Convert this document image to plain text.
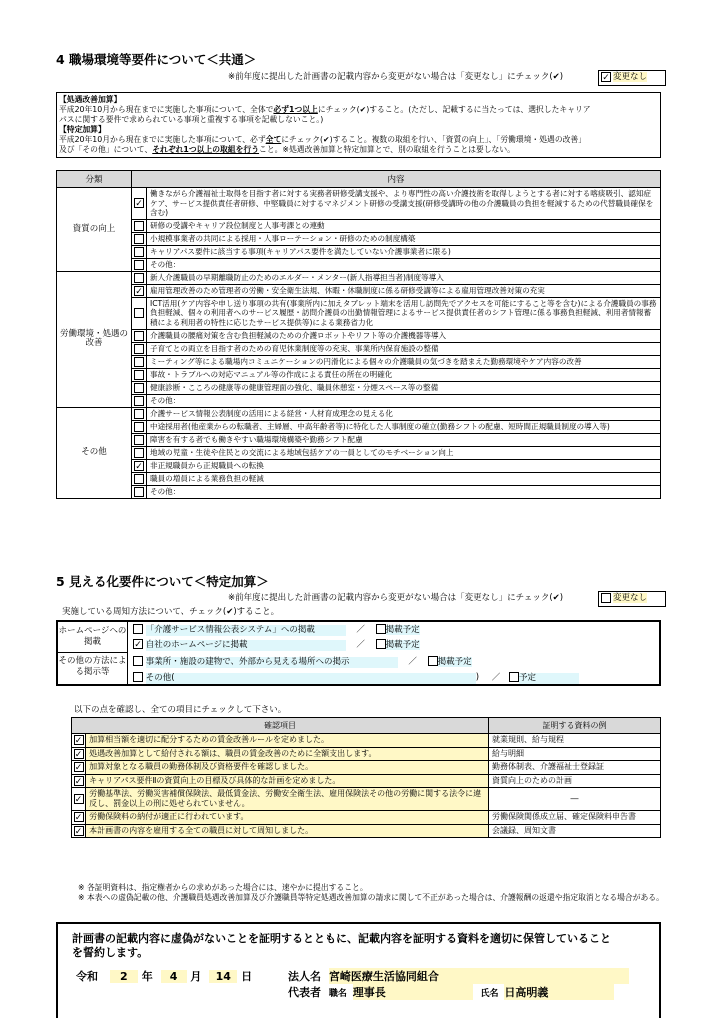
4 職場環境等要件について＜共通＞
※前年度に提出した計画書の記載内容から変更がない場合は「変更なし」にチェック(✔)	✓ 変更なし
【処遇改善加算】
平成20年10月から現在までに実施した事項について、全体で必ず1つ以上にチェック(✔)すること。(ただし、記載するに当たっては、選択したキャリア
パスに関する要件で求められている事項と重複する事項を記載しないこと。)
【特定加算】
平成20年10月から現在までに実施した事項について、必ず全てにチェック(✔)すること。複数の取組を行い、「資質の向上」、「労働環境・処遇の改善」
及び「その他」について、それぞれ1つ以上の取組を行うこと。※処遇改善加算と特定加算とで、別の取組を行うことは要しない。
分類	内容	
資質の向上	✓	働きながら介護福祉士取得を目指す者に対する実務者研修受講支援や、より専門性の高い介護技術を取得しようとする者に対する喀痰吸引、認知症ケア、サービス提供責任者研修、中堅職員に対するマネジメント研修の受講支援(研修受講時の他の介護職員の負担を軽減するための代替職員確保を含む)
		研修の受講やキャリア段位制度と人事考課との連動
		小規模事業者の共同による採用・人事ローテーション・研修のための制度構築
		キャリアパス要件に該当する事項(キャリアパス要件を満たしていない介護事業者に限る)
		その他：
労働環境・処遇の改善		新人介護職員の早期離職防止のためのエルダー・メンター(新人指導担当者)制度等導入
	✓	雇用管理改善のため管理者の労働・安全衛生法規、休暇・休職制度に係る研修受講等による雇用管理改善対策の充実
		ICT活用(ケア内容や申し送り事項の共有(事業所内に加えタブレット端末を活用し訪問先でアクセスを可能にすること等を含む)による介護職員の事務負担軽減、個々の利用者へのサービス履歴・訪問介護員の出勤情報管理によるサービス提供責任者のシフト管理に係る事務負担軽減、利用者情報蓄積による利用者の特性に応じたサービス提供等)による業務省力化
		介護職員の腰痛対策を含む負担軽減のための介護ロボットやリフト等の介護機器等導入
		子育てとの両立を目指す者のための育児休業制度等の充実、事業所内保育施設の整備
		ミーティング等による職場内コミュニケーションの円滑化による個々の介護職員の気づきを踏まえた勤務環境やケア内容の改善
		事故・トラブルへの対応マニュアル等の作成による責任の所在の明確化
		健康診断・こころの健康等の健康管理面の強化、職員休憩室・分煙スペース等の整備
		その他：
その他		介護サービス情報公表制度の活用による経営・人材育成理念の見える化
		中途採用者(他産業からの転職者、主婦層、中高年齢者等)に特化した人事制度の確立(勤務シフトの配慮、短時間正規職員制度の導入等)
		障害を有する者でも働きやすい職場環境構築や勤務シフト配慮
		地域の児童・生徒や住民との交流による地域包括ケアの一員としてのモチベーション向上
	✓	非正規職員から正規職員への転換
		職員の増員による業務負担の軽減
		その他：
5 見える化要件について＜特定加算＞
※前年度に提出した計画書の記載内容から変更がない場合は「変更なし」にチェック(✔)	変更なし
実施している周知方法について、チェック(✔)すること。
ホームページへの掲載
その他の方法による掲示等
「介護サービス情報公表システム」への掲載	／ 掲載予定
✓ 自社のホームページに掲載	／ 掲載予定
事業所・施設の建物で、外部から見える場所への掲示	／ 掲載予定
その他(	) ／ 予定
以下の点を確認し、全ての項目にチェックして下さい。
確認項目		証明する資料の例
✓	加算相当額を適切に配分するための賃金改善ルールを定めました。	就業規則、給与規程
✓	処遇改善加算として給付される額は、職員の賃金改善のために全額支出します。	給与明細
✓	加算対象となる職員の勤務体制及び資格要件を確認しました。	勤務体制表、介護福祉士登録証
✓	キャリアパス要件Ⅱの資質向上の目標及び具体的な計画を定めました。	資質向上のための計画
✓	労働基準法、労働災害補償保険法、最低賃金法、労働安全衛生法、雇用保険法その他の労働に関する法令に違反し、罰金以上の刑に処せられていません。	―
✓	労働保険料の納付が適正に行われています。	労働保険関係成立届、確定保険料申告書
✓	本計画書の内容を雇用する全ての職員に対して周知しました。	会議録、周知文書
※ 各証明資料は、指定権者からの求めがあった場合には、速やかに提出すること。
※ 本表への虚偽記載の他、介護職員処遇改善加算及び介護職員等特定処遇改善加算の請求に関して不正があった場合は、介護報酬の返還や指定取消となる場合がある。
計画書の記載内容に虚偽がないことを証明するとともに、記載内容を証明する資料を適切に保管していること
を誓約します。
令和 2 年 4 月 14 日	法人名 宮崎医療生活協同組合
代表者 職名 理事長	氏名 日高明義
